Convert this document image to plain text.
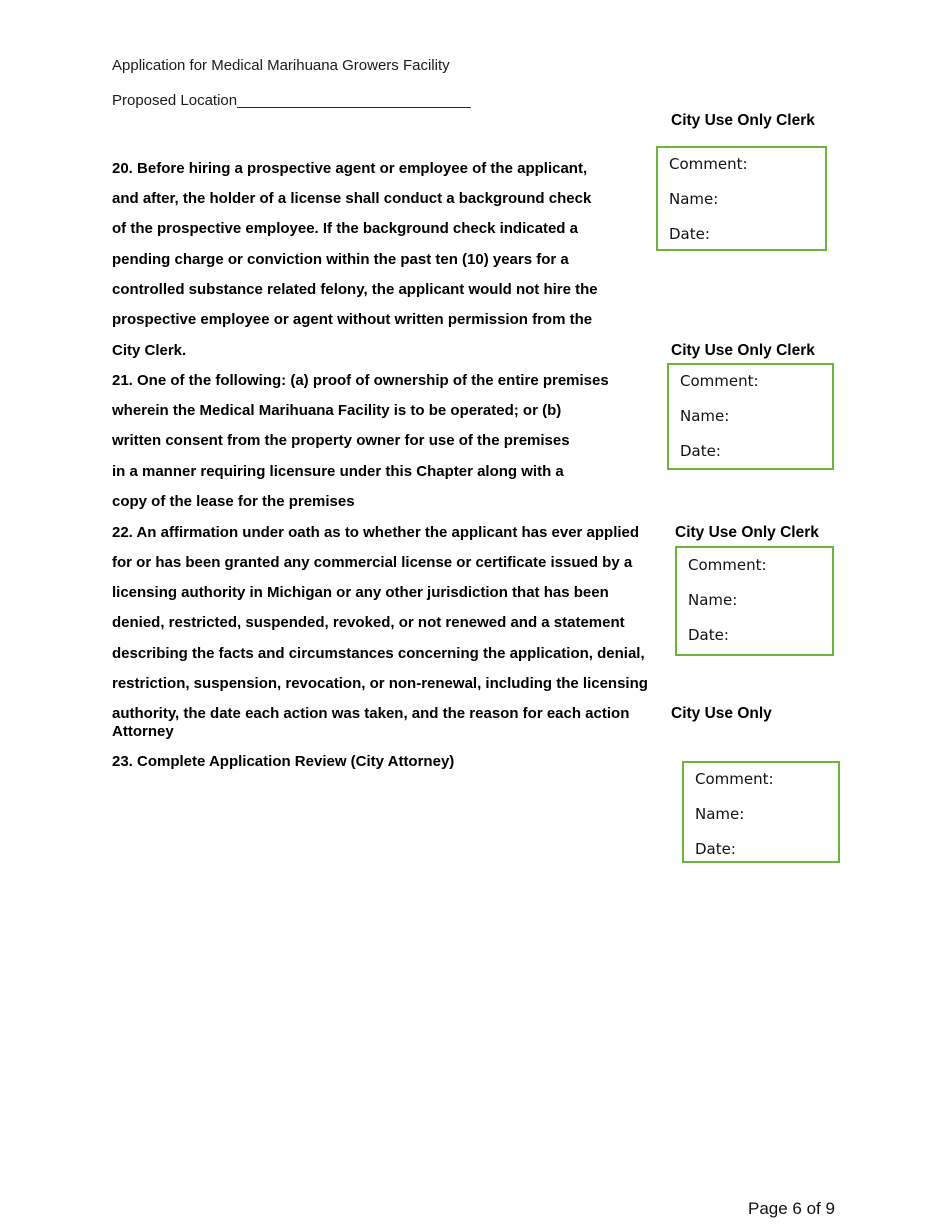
Application for Medical Marihuana Growers Facility
Proposed Location____________________________
City Use Only Clerk
20. Before hiring a prospective agent or employee of the applicant,
and after, the holder of a license shall conduct a background check
of the prospective employee. If the background check indicated a
pending charge or conviction within the past ten (10) years for a
controlled substance related felony, the applicant would not hire the
prospective employee or agent without written permission from the
City Clerk.
Comment:
Name:
Date:
City Use Only Clerk
21. One of the following: (a) proof of ownership of the entire premises
wherein the Medical Marihuana Facility is to be operated; or (b)
written consent from the property owner for use of the premises
in a manner requiring licensure under this Chapter along with a
copy of the lease for the premises
Comment:
Name:
Date:
22. An affirmation under oath as to whether the applicant has ever applied City Use Only Clerk
for or has been granted any commercial license or certificate issued by a
licensing authority in Michigan or any other jurisdiction that has been
denied, restricted, suspended, revoked, or not renewed and a statement
describing the facts and circumstances concerning the application, denial,
restriction, suspension, revocation, or non-renewal, including the licensing
authority, the date each action was taken, and the reason for each action
Comment:
Name:
Date:
City Use Only
Attorney
23. Complete Application Review (City Attorney)
Comment:
Name:
Date:
Page 6 of 9
